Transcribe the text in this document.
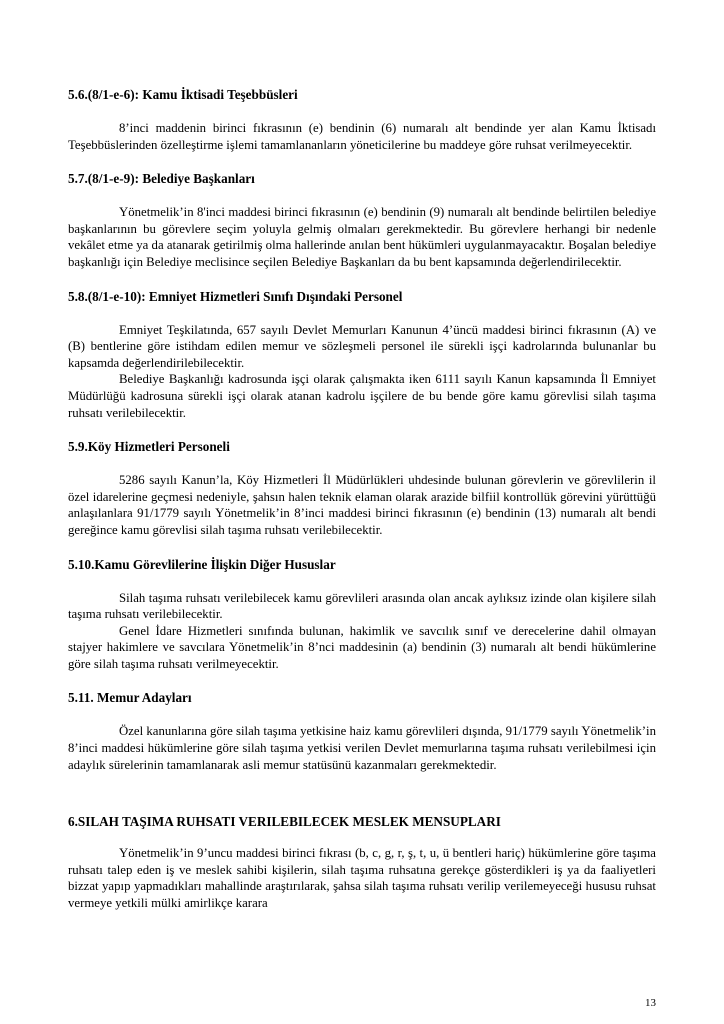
5.6.(8/1-e-6): Kamu İktisadi Teşebbüsleri

8’inci maddenin birinci fıkrasının (e) bendinin (6) numaralı alt bendinde yer alan Kamu İktisadı Teşebbüslerinden özelleştirme işlemi tamamlananların yöneticilerine bu maddeye göre ruhsat verilmeyecektir.

5.7.(8/1-e-9): Belediye Başkanları

Yönetmelik’in 8'inci maddesi birinci fıkrasının (e) bendinin (9) numaralı alt bendinde belirtilen belediye başkanlarının bu görevlere seçim yoluyla gelmiş olmaları gerekmektedir. Bu görevlere herhangi bir nedenle vekâlet etme ya da atanarak getirilmiş olma hallerinde anılan bent hükümleri uygulanmayacaktır. Boşalan belediye başkanlığı için Belediye meclisince seçilen Belediye Başkanları da bu bent kapsamında değerlendirilecektir.

5.8.(8/1-e-10): Emniyet Hizmetleri Sınıfı Dışındaki Personel

Emniyet Teşkilatında, 657 sayılı Devlet Memurları Kanunun 4’üncü maddesi birinci fıkrasının (A) ve (B) bentlerine göre istihdam edilen memur ve sözleşmeli personel ile sürekli işçi kadrolarında bulunanlar bu kapsamda değerlendirilebilecektir.

Belediye Başkanlığı kadrosunda işçi olarak çalışmakta iken 6111 sayılı Kanun kapsamında İl Emniyet Müdürlüğü kadrosuna sürekli işçi olarak atanan kadrolu işçilere de bu bende göre kamu görevlisi silah taşıma ruhsatı verilebilecektir.

5.9.Köy Hizmetleri Personeli

5286 sayılı Kanun’la, Köy Hizmetleri İl Müdürlükleri uhdesinde bulunan görevlerin ve görevlilerin il özel idarelerine geçmesi nedeniyle, şahsın halen teknik elaman olarak arazide bilfiil kontrollük görevini yürüttüğü anlaşılanlara 91/1779 sayılı Yönetmelik’in 8’inci maddesi birinci fıkrasının (e) bendinin (13) numaralı alt bendi gereğince kamu görevlisi silah taşıma ruhsatı verilebilecektir.

5.10.Kamu Görevlilerine İlişkin Diğer Hususlar

Silah taşıma ruhsatı verilebilecek kamu görevlileri arasında olan ancak aylıksız izinde olan kişilere silah taşıma ruhsatı verilebilecektir.

Genel İdare Hizmetleri sınıfında bulunan, hakimlik ve savcılık sınıf ve derecelerine dahil olmayan stajyer hakimlere ve savcılara Yönetmelik’in 8’nci maddesinin (a) bendinin (3) numaralı alt bendi hükümlerine göre silah taşıma ruhsatı verilmeyecektir.

5.11. Memur Adayları

Özel kanunlarına göre silah taşıma yetkisine haiz kamu görevlileri dışında, 91/1779 sayılı Yönetmelik’in 8’inci maddesi hükümlerine göre silah taşıma yetkisi verilen Devlet memurlarına taşıma ruhsatı verilebilmesi için adaylık sürelerinin tamamlanarak asli memur statüsünü kazanmaları gerekmektedir.

6.SILAH TAŞIMA RUHSATI VERILEBILECEK MESLEK MENSUPLARI

Yönetmelik’in 9’uncu maddesi birinci fıkrası (b, c, g, r, ş, t, u, ü bentleri hariç) hükümlerine göre taşıma ruhsatı talep eden iş ve meslek sahibi kişilerin, silah taşıma ruhsatına gerekçe gösterdikleri iş ya da faaliyetleri bizzat yapıp yapmadıkları mahallinde araştırılarak, şahsa silah taşıma ruhsatı verilip verilemeyeceği hususu ruhsat vermeye yetkili mülki amirlikçe karara

13
